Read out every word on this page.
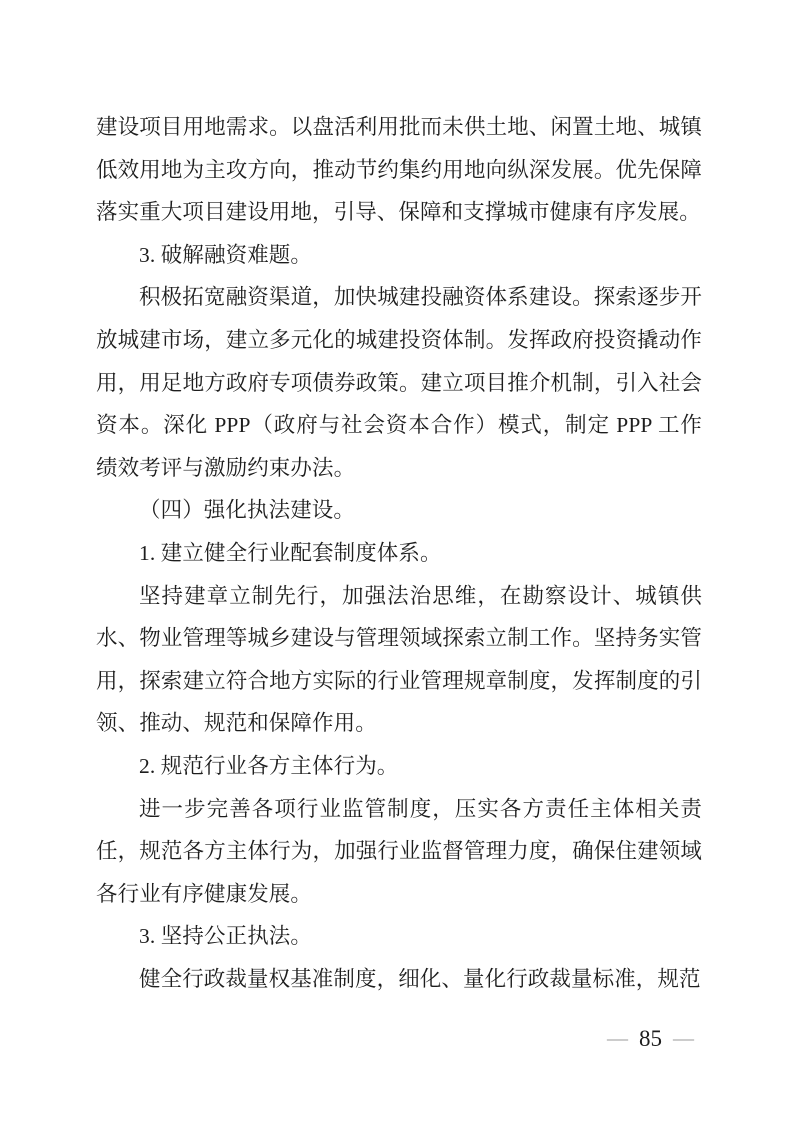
建设项目用地需求。以盘活利用批而未供土地、闲置土地、城镇低效用地为主攻方向，推动节约集约用地向纵深发展。优先保障落实重大项目建设用地，引导、保障和支撑城市健康有序发展。

3. 破解融资难题。

积极拓宽融资渠道，加快城建投融资体系建设。探索逐步开放城建市场，建立多元化的城建投资体制。发挥政府投资撬动作用，用足地方政府专项债券政策。建立项目推介机制，引入社会资本。深化 PPP（政府与社会资本合作）模式，制定 PPP 工作绩效考评与激励约束办法。

（四）强化执法建设。

1. 建立健全行业配套制度体系。

坚持建章立制先行，加强法治思维，在勘察设计、城镇供水、物业管理等城乡建设与管理领域探索立制工作。坚持务实管用，探索建立符合地方实际的行业管理规章制度，发挥制度的引领、推动、规范和保障作用。

2. 规范行业各方主体行为。

进一步完善各项行业监管制度，压实各方责任主体相关责任，规范各方主体行为，加强行业监督管理力度，确保住建领域各行业有序健康发展。

3. 坚持公正执法。

健全行政裁量权基准制度，细化、量化行政裁量标准，规范

— 85 —
